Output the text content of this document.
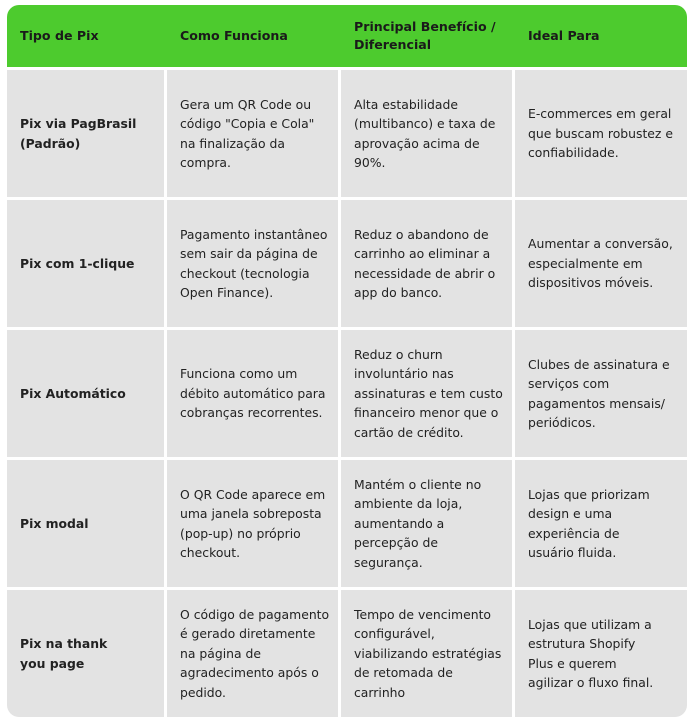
Tipo de Pix	Como Funciona
Principal Benefício / Diferencial
Ideal Para
Pix via PagBrasil (Padrão)
Gera um QR Code ou código "Copia e Cola" na finalização da compra.
Alta estabilidade (multibanco) e taxa de aprovação acima de 90%.
E-commerces em geral que buscam robustez e confiabilidade.
Pix com 1-clique
Pagamento instantâneo sem sair da página de checkout (tecnologia Open Finance).
Reduz o abandono de carrinho ao eliminar a necessidade de abrir o app do banco.
Aumentar a conversão, especialmente em dispositivos móveis.
Pix Automático
Funciona como um débito automático para cobranças recorrentes.
Reduz o churn involuntário nas assinaturas e tem custo financeiro menor que o cartão de crédito.
Clubes de assinatura e serviços com pagamentos mensais/ periódicos.
Pix modal
O QR Code aparece em uma janela sobreposta (pop-up) no próprio checkout.
Mantém o cliente no ambiente da loja, aumentando a percepção de segurança.
Lojas que priorizam design e uma experiência de usuário fluida.
Pix na thank you page
O código de pagamento é gerado diretamente na página de agradecimento após o pedido.
Tempo de vencimento configurável, viabilizando estratégias de retomada de carrinho
Lojas que utilizam a estrutura Shopify Plus e querem agilizar o fluxo final.
